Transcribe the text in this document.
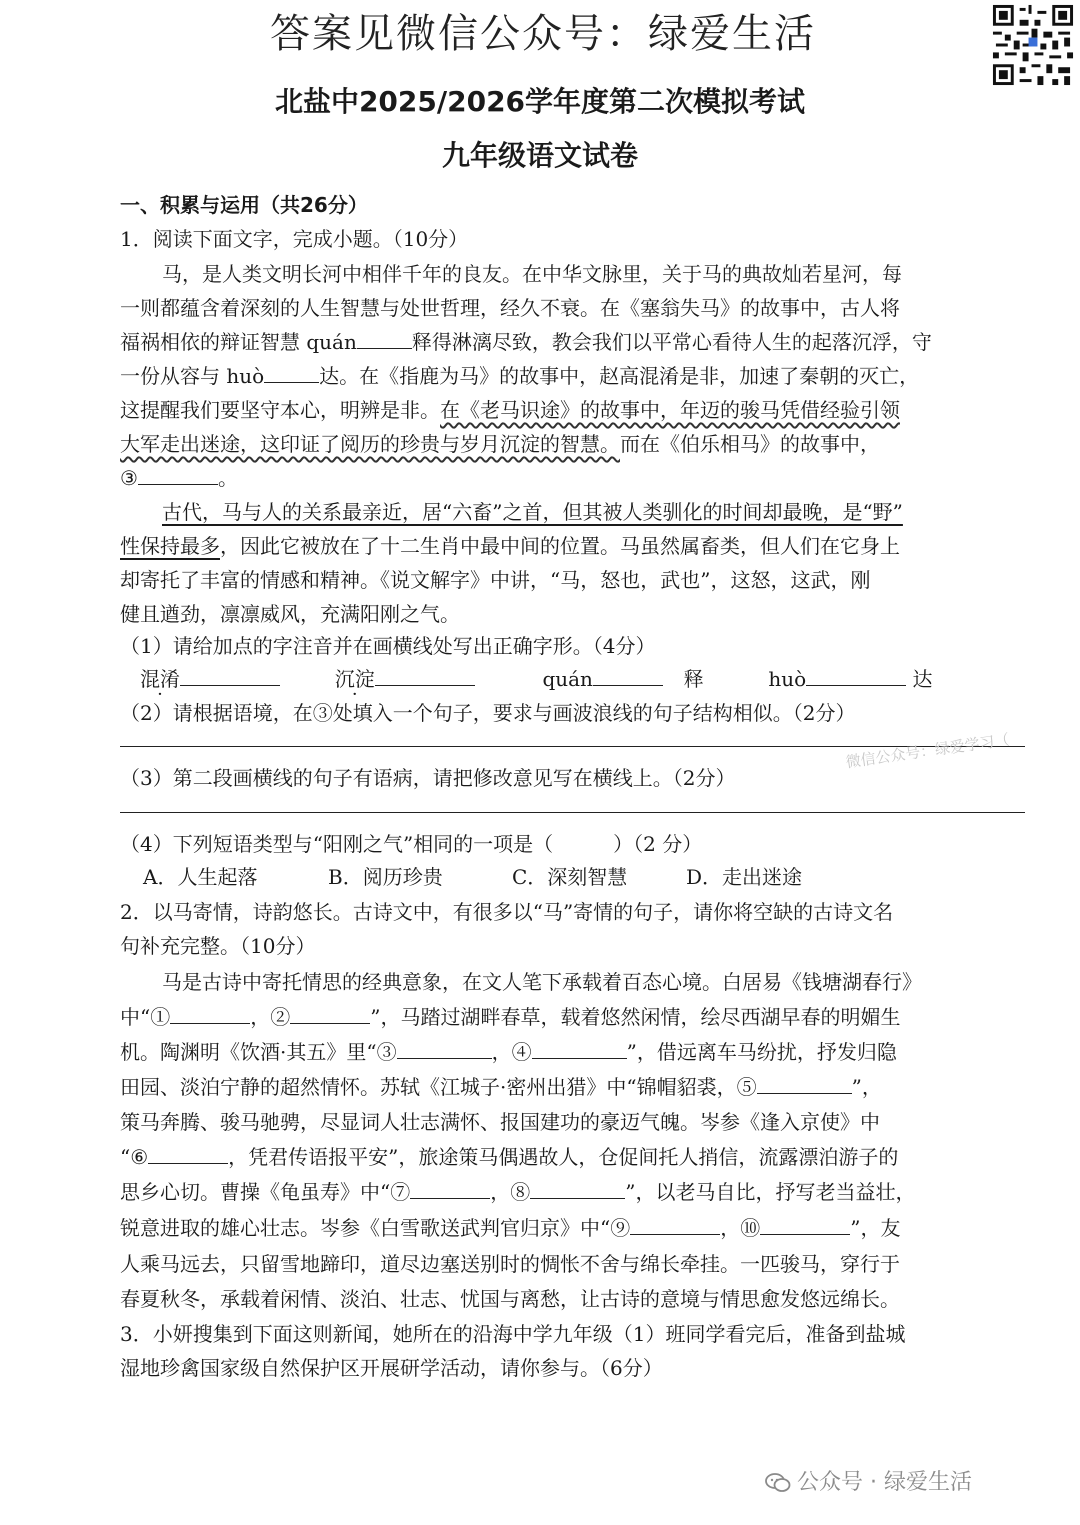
答案见微信公众号：绿爱生活
北盐中2025/2026学年度第二次模拟考试
九年级语文试卷
一、积累与运用（共26分）
1．阅读下面文字，完成小题。（10分）
马，是人类文明长河中相伴千年的良友。在中华文脉里，关于马的典故灿若星河，每
一则都蕴含着深刻的人生智慧与处世哲理，经久不衰。在《塞翁失马》的故事中，古人将
福祸相依的辩证智慧 quán	释得淋漓尽致，教会我们以平常心看待人生的起落沉浮，守
一份从容与 huò	达。在《指鹿为马》的故事中，赵高混淆是非，加速了秦朝的灭亡，
这提醒我们要坚守本心，明辨是非。在《老马识途》的故事中，年迈的骏马凭借经验引领
大军走出迷途，这印证了阅历的珍贵与岁月沉淀的智慧。而在《伯乐相马》的故事中，
③	。
古代，马与人的关系最亲近，居“六畜”之首，但其被人类驯化的时间却最晚，是“野”
性保持最多，因此它被放在了十二生肖中最中间的位置。马虽然属畜类，但人们在它身上
却寄托了丰富的情感和精神。《说文解字》中讲，“马，怒也，武也”，这怒，这武，刚
健且遒劲，凛凛威风，充满阳刚之气。
（1）请给加点的字注音并在画横线处写出正确字形。（4分）
混淆	沉淀	quán	释	huò	达
（2）请根据语境，在③处填入一个句子，要求与画波浪线的句子结构相似。（2分）
（3）第二段画横线的句子有语病，请把修改意见写在横线上。（2分）
（4）下列短语类型与“阳刚之气”相同的一项是（　　　）（2 分）
A．人生起落	B．阅历珍贵	C．深刻智慧	D．走出迷途
2．以马寄情，诗韵悠长。古诗文中，有很多以“马”寄情的句子，请你将空缺的古诗文名
句补充完整。（10分）
马是古诗中寄托情思的经典意象，在文人笔下承载着百态心境。白居易《钱塘湖春行》
中“①	，②	”，马踏过湖畔春草，载着悠然闲情，绘尽西湖早春的明媚生
机。陶渊明《饮酒·其五》里“③	，④	”，借远离车马纷扰，抒发归隐
田园、淡泊宁静的超然情怀。苏轼《江城子·密州出猎》中“锦帽貂裘，⑤	”，
策马奔腾、骏马驰骋，尽显词人壮志满怀、报国建功的豪迈气魄。岑参《逢入京使》中
“⑥	，凭君传语报平安”，旅途策马偶遇故人，仓促间托人捎信，流露漂泊游子的
思乡心切。曹操《龟虽寿》中“⑦	，⑧	”，以老马自比，抒写老当益壮，
锐意进取的雄心壮志。岑参《白雪歌送武判官归京》中“⑨	，⑩	”，友
人乘马远去，只留雪地蹄印，道尽边塞送别时的惆怅不舍与绵长牵挂。一匹骏马，穿行于
春夏秋冬，承载着闲情、淡泊、壮志、忧国与离愁，让古诗的意境与情思愈发悠远绵长。
3．小妍搜集到下面这则新闻，她所在的沿海中学九年级（1）班同学看完后，准备到盐城
湿地珍禽国家级自然保护区开展研学活动，请你参与。（6分）
微信公众号：绿爱学习（
公众号 · 绿爱生活
